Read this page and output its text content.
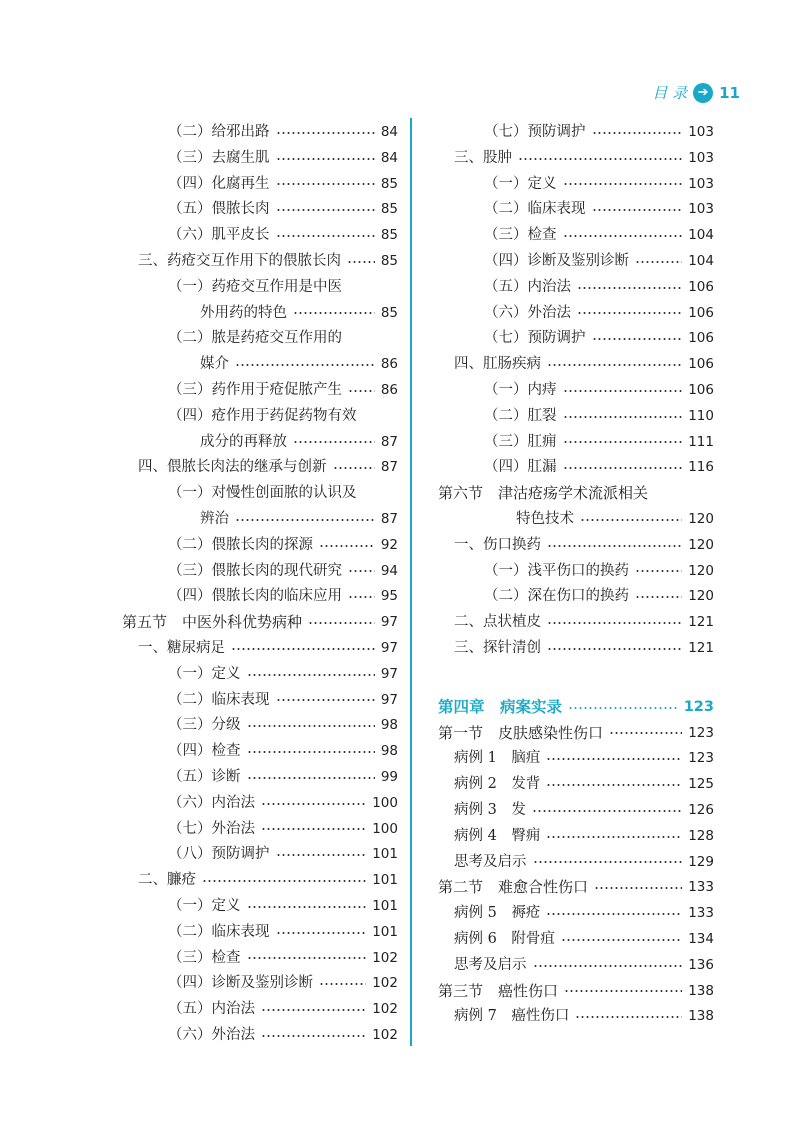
目 录 ➔ 11
（二）给邪出路	84
（三）去腐生肌	84
（四）化腐再生	85
（五）偎脓长肉	85
（六）肌平皮长	85
三、药疮交互作用下的偎脓长肉	85
（一）药疮交互作用是中医
外用药的特色	85
（二）脓是药疮交互作用的
媒介	86
（三）药作用于疮促脓产生	86
（四）疮作用于药促药物有效
成分的再释放	87
四、偎脓长肉法的继承与创新	87
（一）对慢性创面脓的认识及
辨治	87
（二）偎脓长肉的探源	92
（三）偎脓长肉的现代研究	94
（四）偎脓长肉的临床应用	95
第五节　中医外科优势病种	97
一、糖尿病足	97
（一）定义	97
（二）临床表现	97
（三）分级	98
（四）检查	98
（五）诊断	99
（六）内治法	100
（七）外治法	100
（八）预防调护	101
二、臁疮	101
（一）定义	101
（二）临床表现	101
（三）检查	102
（四）诊断及鉴别诊断	102
（五）内治法	102
（六）外治法	102
（七）预防调护	103
三、股肿	103
（一）定义	103
（二）临床表现	103
（三）检查	104
（四）诊断及鉴别诊断	104
（五）内治法	106
（六）外治法	106
（七）预防调护	106
四、肛肠疾病	106
（一）内痔	106
（二）肛裂	110
（三）肛痈	111
（四）肛漏	116
第六节　津沽疮疡学术流派相关
特色技术	120
一、伤口换药	120
（一）浅平伤口的换药	120
（二）深在伤口的换药	120
二、点状植皮	121
三、探针清创	121
第四章　病案实录	123
第一节　皮肤感染性伤口	123
病例 1　脑疽	123
病例 2　发背	125
病例 3　发	126
病例 4　臀痈	128
思考及启示	129
第二节　难愈合性伤口	133
病例 5　褥疮	133
病例 6　附骨疽	134
思考及启示	136
第三节　癌性伤口	138
病例 7　癌性伤口	138
